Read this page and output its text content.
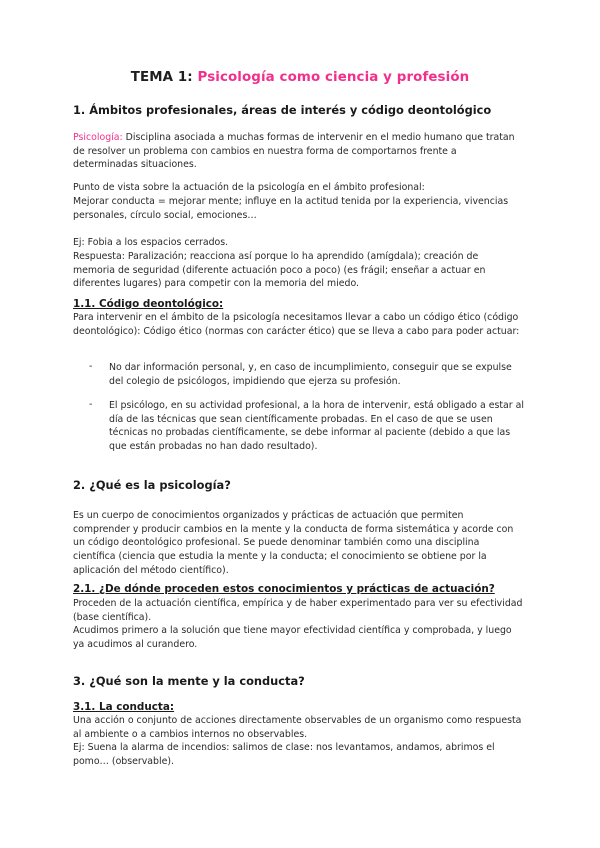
TEMA 1: Psicología como ciencia y profesión
1. Ámbitos profesionales, áreas de interés y código deontológico
Psicología: Disciplina asociada a muchas formas de intervenir en el medio humano que tratan de resolver un problema con cambios en nuestra forma de comportarnos frente a determinadas situaciones.
Punto de vista sobre la actuación de la psicología en el ámbito profesional:
Mejorar conducta = mejorar mente; influye en la actitud tenida por la experiencia, vivencias personales, círculo social, emociones…
Ej: Fobia a los espacios cerrados.
Respuesta: Paralización; reacciona así porque lo ha aprendido (amígdala); creación de memoria de seguridad (diferente actuación poco a poco) (es frágil; enseñar a actuar en diferentes lugares) para competir con la memoria del miedo.
1.1. Código deontológico:
Para intervenir en el ámbito de la psicología necesitamos llevar a cabo un código ético (código deontológico): Código ético (normas con carácter ético) que se lleva a cabo para poder actuar:
- No dar información personal, y, en caso de incumplimiento, conseguir que se expulse del colegio de psicólogos, impidiendo que ejerza su profesión.
- El psicólogo, en su actividad profesional, a la hora de intervenir, está obligado a estar al día de las técnicas que sean científicamente probadas. En el caso de que se usen técnicas no probadas científicamente, se debe informar al paciente (debido a que las que están probadas no han dado resultado).
2. ¿Qué es la psicología?
Es un cuerpo de conocimientos organizados y prácticas de actuación que permiten comprender y producir cambios en la mente y la conducta de forma sistemática y acorde con un código deontológico profesional. Se puede denominar también como una disciplina científica (ciencia que estudia la mente y la conducta; el conocimiento se obtiene por la aplicación del método científico).
2.1. ¿De dónde proceden estos conocimientos y prácticas de actuación?
Proceden de la actuación científica, empírica y de haber experimentado para ver su efectividad (base científica).
Acudimos primero a la solución que tiene mayor efectividad científica y comprobada, y luego ya acudimos al curandero.
3. ¿Qué son la mente y la conducta?
3.1. La conducta:
Una acción o conjunto de acciones directamente observables de un organismo como respuesta al ambiente o a cambios internos no observables.
Ej: Suena la alarma de incendios: salimos de clase: nos levantamos, andamos, abrimos el pomo… (observable).
